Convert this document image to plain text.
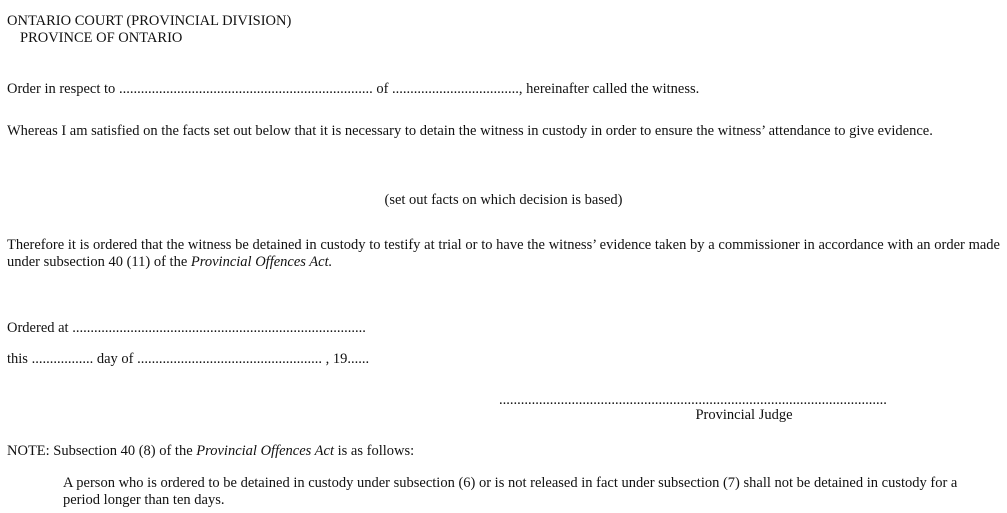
ONTARIO COURT (PROVINCIAL DIVISION)
PROVINCE OF ONTARIO
Order in respect to ...................................................................... of ..................................., hereinafter called the witness.
Whereas I am satisfied on the facts set out below that it is necessary to detain the witness in custody in order to ensure the witness’ attendance to give evidence.
(set out facts on which decision is based)
Therefore it is ordered that the witness be detained in custody to testify at trial or to have the witness’ evidence taken by a commissioner in accordance with an order made under subsection 40 (11) of the Provincial Offences Act.
Ordered at .................................................................................
this ................. day of ................................................... , 19......
...........................................................................................................
Provincial Judge
NOTE: Subsection 40 (8) of the Provincial Offences Act is as follows:
A person who is ordered to be detained in custody under subsection (6) or is not released in fact under subsection (7) shall not be detained in custody for a period longer than ten days.
